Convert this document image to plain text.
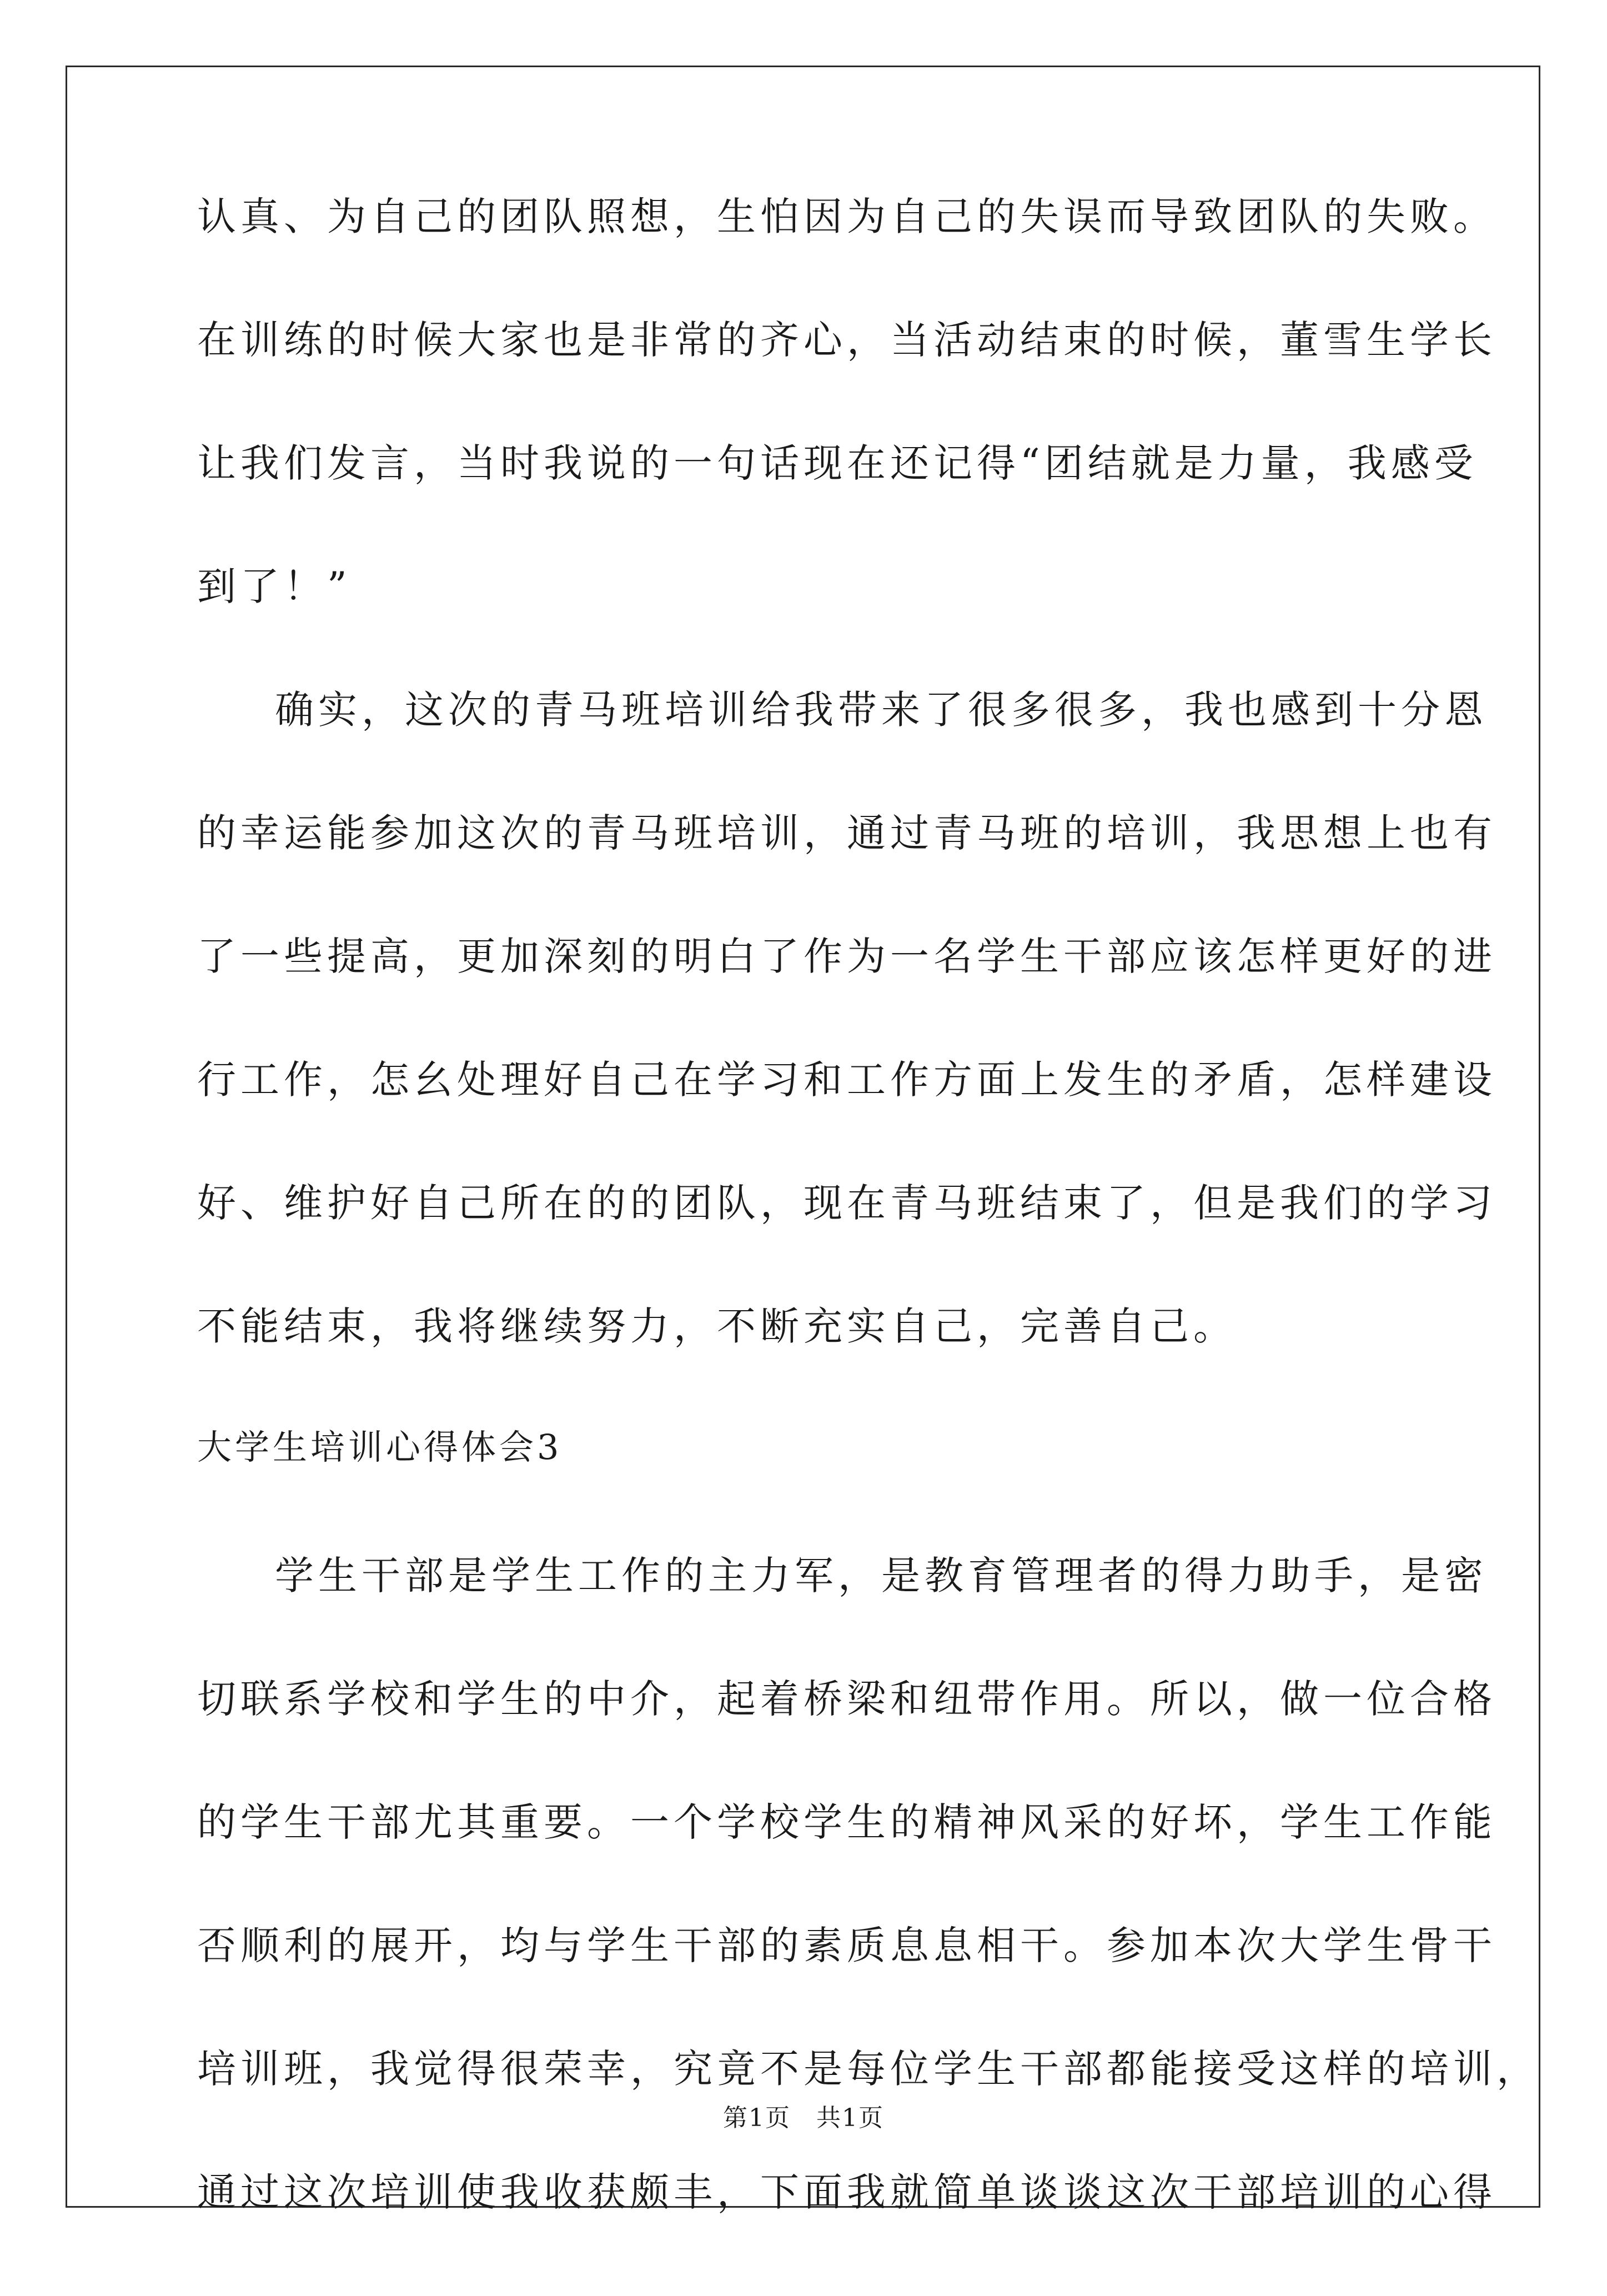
认真、为自己的团队照想，生怕因为自己的失误而导致团队的失败。
在训练的时候大家也是非常的齐心，当活动结束的时候，董雪生学长
让我们发言，当时我说的一句话现在还记得“团结就是力量，我感受
到了！”
确实，这次的青马班培训给我带来了很多很多，我也感到十分恩
的幸运能参加这次的青马班培训，通过青马班的培训，我思想上也有
了一些提高，更加深刻的明白了作为一名学生干部应该怎样更好的进
行工作，怎幺处理好自己在学习和工作方面上发生的矛盾，怎样建设
好、维护好自己所在的的团队，现在青马班结束了，但是我们的学习
不能结束，我将继续努力，不断充实自己，完善自己。
大学生培训心得体会3
学生干部是学生工作的主力军，是教育管理者的得力助手，是密
切联系学校和学生的中介，起着桥梁和纽带作用。所以，做一位合格
的学生干部尤其重要。一个学校学生的精神风采的好坏，学生工作能
否顺利的展开，均与学生干部的素质息息相干。参加本次大学生骨干
培训班，我觉得很荣幸，究竟不是每位学生干部都能接受这样的培训，
通过这次培训使我收获颇丰，下面我就简单谈谈这次干部培训的心得
第1页　共1页
